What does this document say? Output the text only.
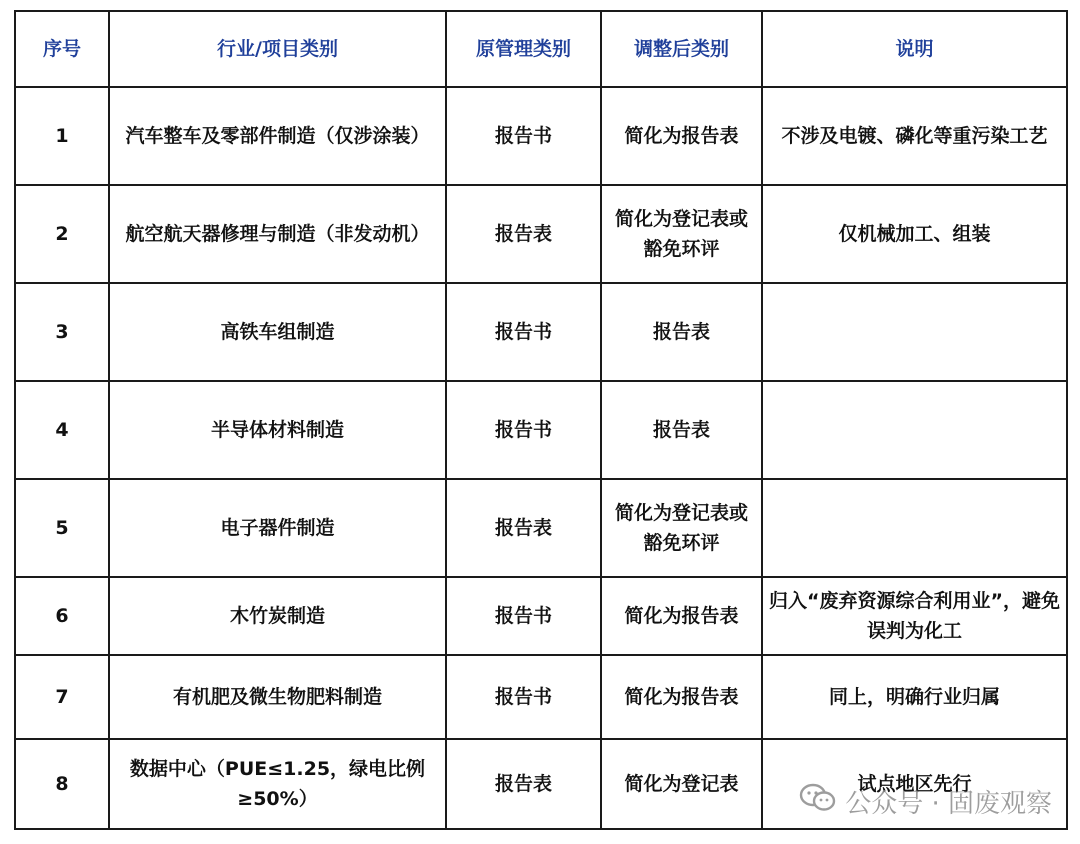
序号	行业/项目类别	原管理类别	调整后类别	说明
1	汽车整车及零部件制造（仅涉涂装）	报告书	简化为报告表	不涉及电镀、磷化等重污染工艺
2	航空航天器修理与制造（非发动机）	报告表	简化为登记表或豁免环评	仅机械加工、组装
3	高铁车组制造	报告书	报告表	
4	半导体材料制造	报告书	报告表	
5	电子器件制造	报告表	简化为登记表或豁免环评	
6	木竹炭制造	报告书	简化为报告表	归入“废弃资源综合利用业”，避免误判为化工
7	有机肥及微生物肥料制造	报告书	简化为报告表	同上，明确行业归属
8	数据中心（PUE≤1.25，绿电比例≥50%）	报告表	简化为登记表	试点地区先行
公众号 · 固废观察
